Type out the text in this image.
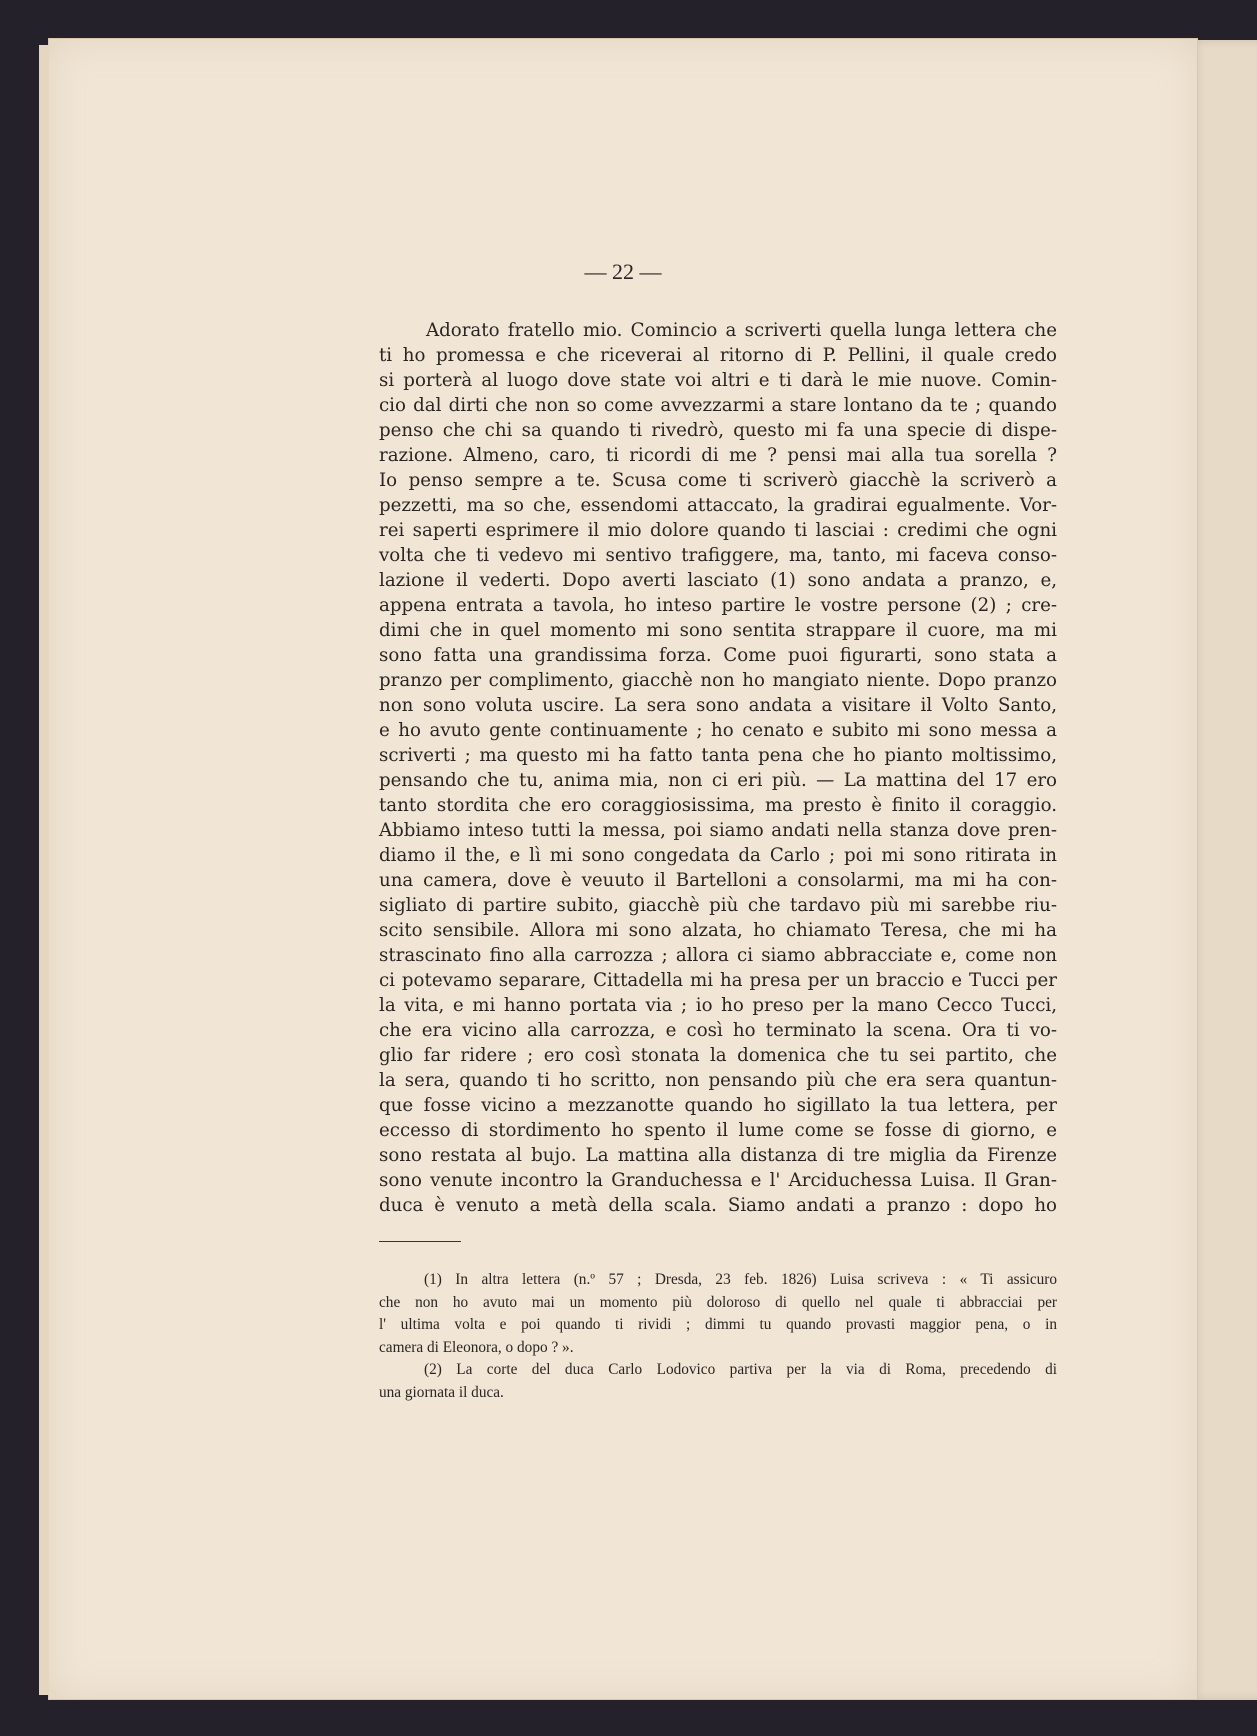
— 22 —
Adorato fratello mio. Comincio a scriverti quella lunga lettera che
ti ho promessa e che riceverai al ritorno di P. Pellini, il quale credo
si porterà al luogo dove state voi altri e ti darà le mie nuove. Comin-
cio dal dirti che non so come avvezzarmi a stare lontano da te ; quando
penso che chi sa quando ti rivedrò, questo mi fa una specie di dispe-
razione. Almeno, caro, ti ricordi di me ? pensi mai alla tua sorella ?
Io penso sempre a te. Scusa come ti scriverò giacchè la scriverò a
pezzetti, ma so che, essendomi attaccato, la gradirai egualmente. Vor-
rei saperti esprimere il mio dolore quando ti lasciai : credimi che ogni
volta che ti vedevo mi sentivo trafiggere, ma, tanto, mi faceva conso-
lazione il vederti. Dopo averti lasciato (1) sono andata a pranzo, e,
appena entrata a tavola, ho inteso partire le vostre persone (2) ; cre-
dimi che in quel momento mi sono sentita strappare il cuore, ma mi
sono fatta una grandissima forza. Come puoi figurarti, sono stata a
pranzo per complimento, giacchè non ho mangiato niente. Dopo pranzo
non sono voluta uscire. La sera sono andata a visitare il Volto Santo,
e ho avuto gente continuamente ; ho cenato e subito mi sono messa a
scriverti ; ma questo mi ha fatto tanta pena che ho pianto moltissimo,
pensando che tu, anima mia, non ci eri più. — La mattina del 17 ero
tanto stordita che ero coraggiosissima, ma presto è finito il coraggio.
Abbiamo inteso tutti la messa, poi siamo andati nella stanza dove pren-
diamo il the, e lì mi sono congedata da Carlo ; poi mi sono ritirata in
una camera, dove è veuuto il Bartelloni a consolarmi, ma mi ha con-
sigliato di partire subito, giacchè più che tardavo più mi sarebbe riu-
scito sensibile. Allora mi sono alzata, ho chiamato Teresa, che mi ha
strascinato fino alla carrozza ; allora ci siamo abbracciate e, come non
ci potevamo separare, Cittadella mi ha presa per un braccio e Tucci per
la vita, e mi hanno portata via ; io ho preso per la mano Cecco Tucci,
che era vicino alla carrozza, e così ho terminato la scena. Ora ti vo-
glio far ridere ; ero così stonata la domenica che tu sei partito, che
la sera, quando ti ho scritto, non pensando più che era sera quantun-
que fosse vicino a mezzanotte quando ho sigillato la tua lettera, per
eccesso di stordimento ho spento il lume come se fosse di giorno, e
sono restata al bujo. La mattina alla distanza di tre miglia da Firenze
sono venute incontro la Granduchessa e l' Arciduchessa Luisa. Il Gran-
duca è venuto a metà della scala. Siamo andati a pranzo : dopo ho
(1) In altra lettera (n.º 57 ; Dresda, 23 feb. 1826) Luisa scriveva : « Ti assicuro
che non ho avuto mai un momento più doloroso di quello nel quale ti abbracciai per
l' ultima volta e poi quando ti rividi ; dimmi tu quando provasti maggior pena, o in
camera di Eleonora, o dopo ? ».
(2) La corte del duca Carlo Lodovico partiva per la via di Roma, precedendo di
una giornata il duca.
